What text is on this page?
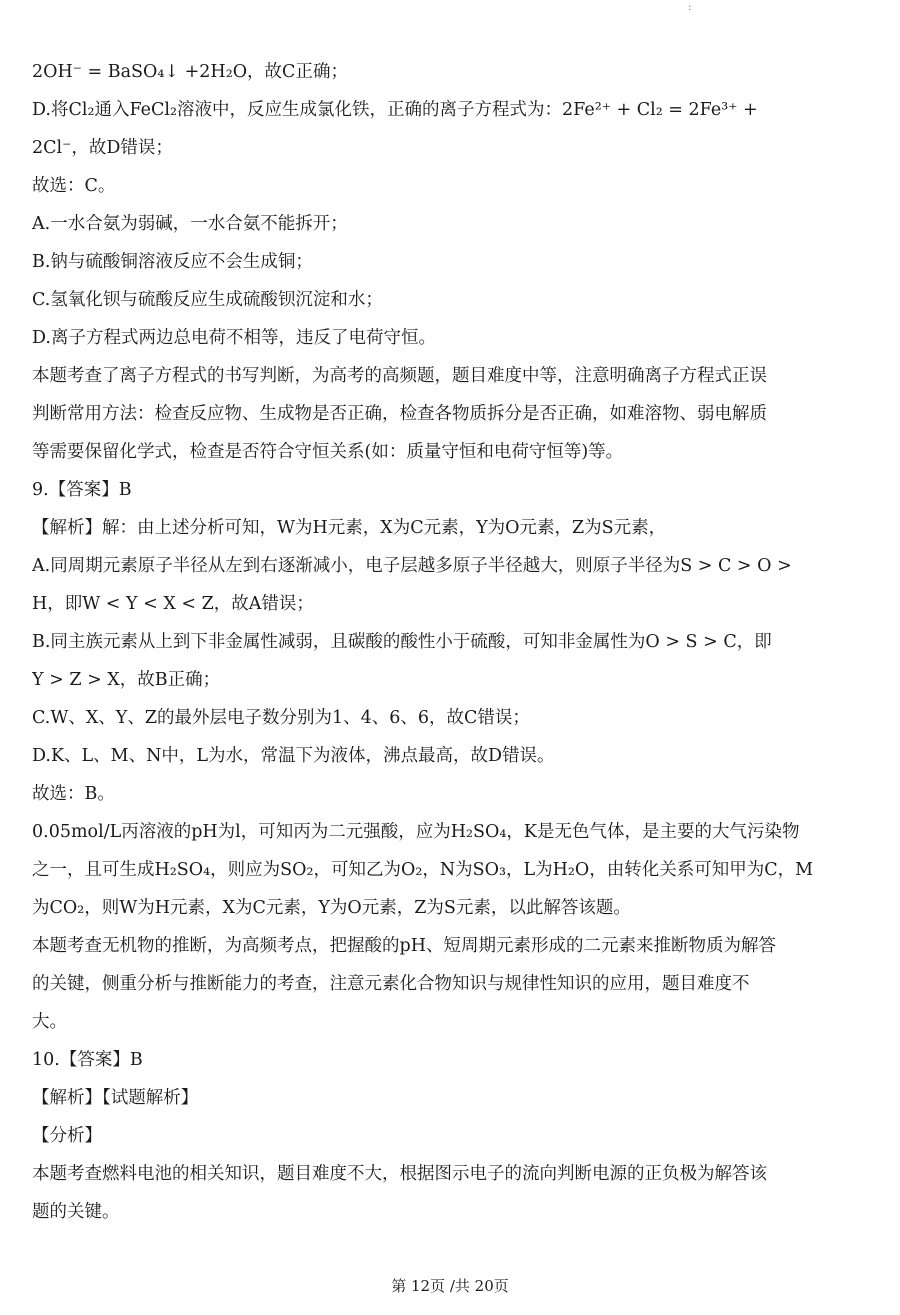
:
2OH⁻ = BaSO₄↓ +2H₂O，故C正确；
D.将Cl₂通入FeCl₂溶液中，反应生成氯化铁，正确的离子方程式为：2Fe²⁺ + Cl₂ = 2Fe³⁺ +
2Cl⁻，故D错误；
故选：C。
A.一水合氨为弱碱，一水合氨不能拆开；
B.钠与硫酸铜溶液反应不会生成铜；
C.氢氧化钡与硫酸反应生成硫酸钡沉淀和水；
D.离子方程式两边总电荷不相等，违反了电荷守恒。
本题考查了离子方程式的书写判断，为高考的高频题，题目难度中等，注意明确离子方程式正误
判断常用方法：检查反应物、生成物是否正确，检查各物质拆分是否正确，如难溶物、弱电解质
等需要保留化学式，检查是否符合守恒关系(如：质量守恒和电荷守恒等)等。
9.【答案】B
【解析】解：由上述分析可知，W为H元素，X为C元素，Y为O元素，Z为S元素，
A.同周期元素原子半径从左到右逐渐减小，电子层越多原子半径越大，则原子半径为S > C > O >
H，即W < Y < X < Z，故A错误；
B.同主族元素从上到下非金属性减弱，且碳酸的酸性小于硫酸，可知非金属性为O > S > C，即
Y > Z > X，故B正确；
C.W、X、Y、Z的最外层电子数分别为1、4、6、6，故C错误；
D.K、L、M、N中，L为水，常温下为液体，沸点最高，故D错误。
故选：B。
0.05mol/L丙溶液的pH为l，可知丙为二元强酸，应为H₂SO₄，K是无色气体，是主要的大气污染物
之一，且可生成H₂SO₄，则应为SO₂，可知乙为O₂，N为SO₃，L为H₂O，由转化关系可知甲为C，M
为CO₂，则W为H元素，X为C元素，Y为O元素，Z为S元素，以此解答该题。
本题考查无机物的推断，为高频考点，把握酸的pH、短周期元素形成的二元素来推断物质为解答
的关键，侧重分析与推断能力的考查，注意元素化合物知识与规律性知识的应用，题目难度不
大。
10.【答案】B
【解析】【试题解析】
【分析】
本题考查燃料电池的相关知识，题目难度不大，根据图示电子的流向判断电源的正负极为解答该
题的关键。
第 12页 /共 20页
